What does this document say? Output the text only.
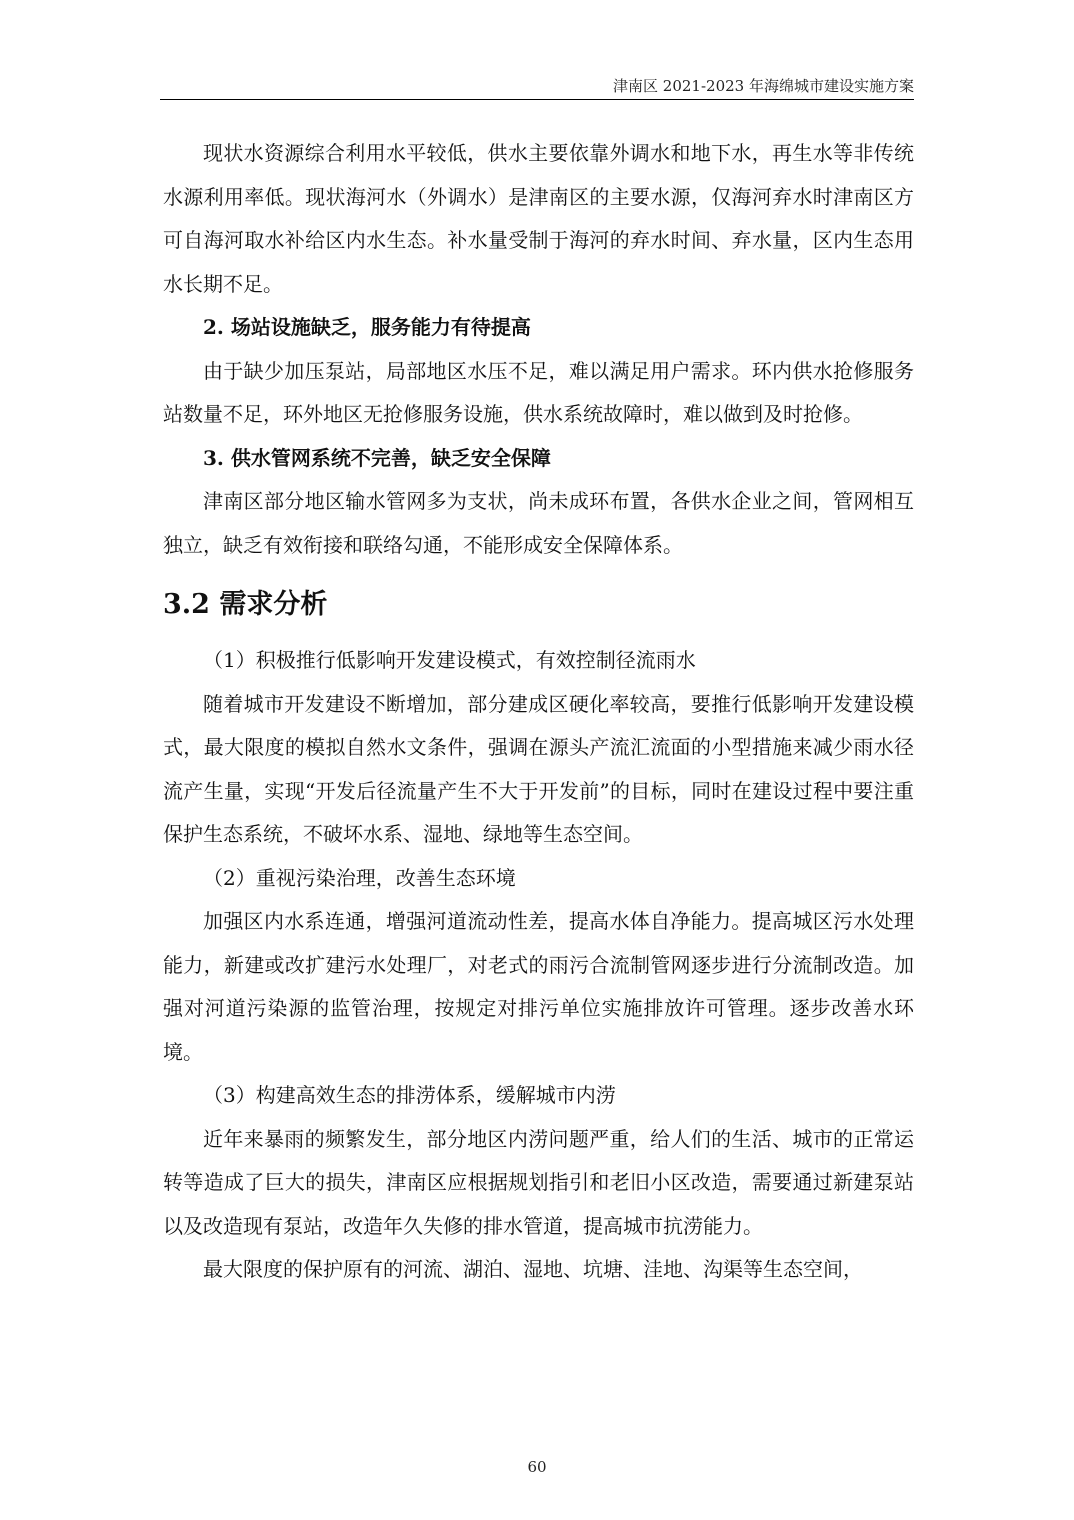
津南区 2021-2023 年海绵城市建设实施方案

现状水资源综合利用水平较低，供水主要依靠外调水和地下水，再生水等非传统水源利用率低。现状海河水（外调水）是津南区的主要水源，仅海河弃水时津南区方可自海河取水补给区内水生态。补水量受制于海河的弃水时间、弃水量，区内生态用水长期不足。

2. 场站设施缺乏，服务能力有待提高

由于缺少加压泵站，局部地区水压不足，难以满足用户需求。环内供水抢修服务站数量不足，环外地区无抢修服务设施，供水系统故障时，难以做到及时抢修。

3. 供水管网系统不完善，缺乏安全保障

津南区部分地区输水管网多为支状，尚未成环布置，各供水企业之间，管网相互独立，缺乏有效衔接和联络勾通，不能形成安全保障体系。

3.2 需求分析

（1）积极推行低影响开发建设模式，有效控制径流雨水

随着城市开发建设不断增加，部分建成区硬化率较高，要推行低影响开发建设模式，最大限度的模拟自然水文条件，强调在源头产流汇流面的小型措施来减少雨水径流产生量，实现“开发后径流量产生不大于开发前”的目标，同时在建设过程中要注重保护生态系统，不破坏水系、湿地、绿地等生态空间。

（2）重视污染治理，改善生态环境

加强区内水系连通，增强河道流动性差，提高水体自净能力。提高城区污水处理能力，新建或改扩建污水处理厂，对老式的雨污合流制管网逐步进行分流制改造。加强对河道污染源的监管治理，按规定对排污单位实施排放许可管理。逐步改善水环境。

（3）构建高效生态的排涝体系，缓解城市内涝

近年来暴雨的频繁发生，部分地区内涝问题严重，给人们的生活、城市的正常运转等造成了巨大的损失，津南区应根据规划指引和老旧小区改造，需要通过新建泵站以及改造现有泵站，改造年久失修的排水管道，提高城市抗涝能力。

最大限度的保护原有的河流、湖泊、湿地、坑塘、洼地、沟渠等生态空间，

60
